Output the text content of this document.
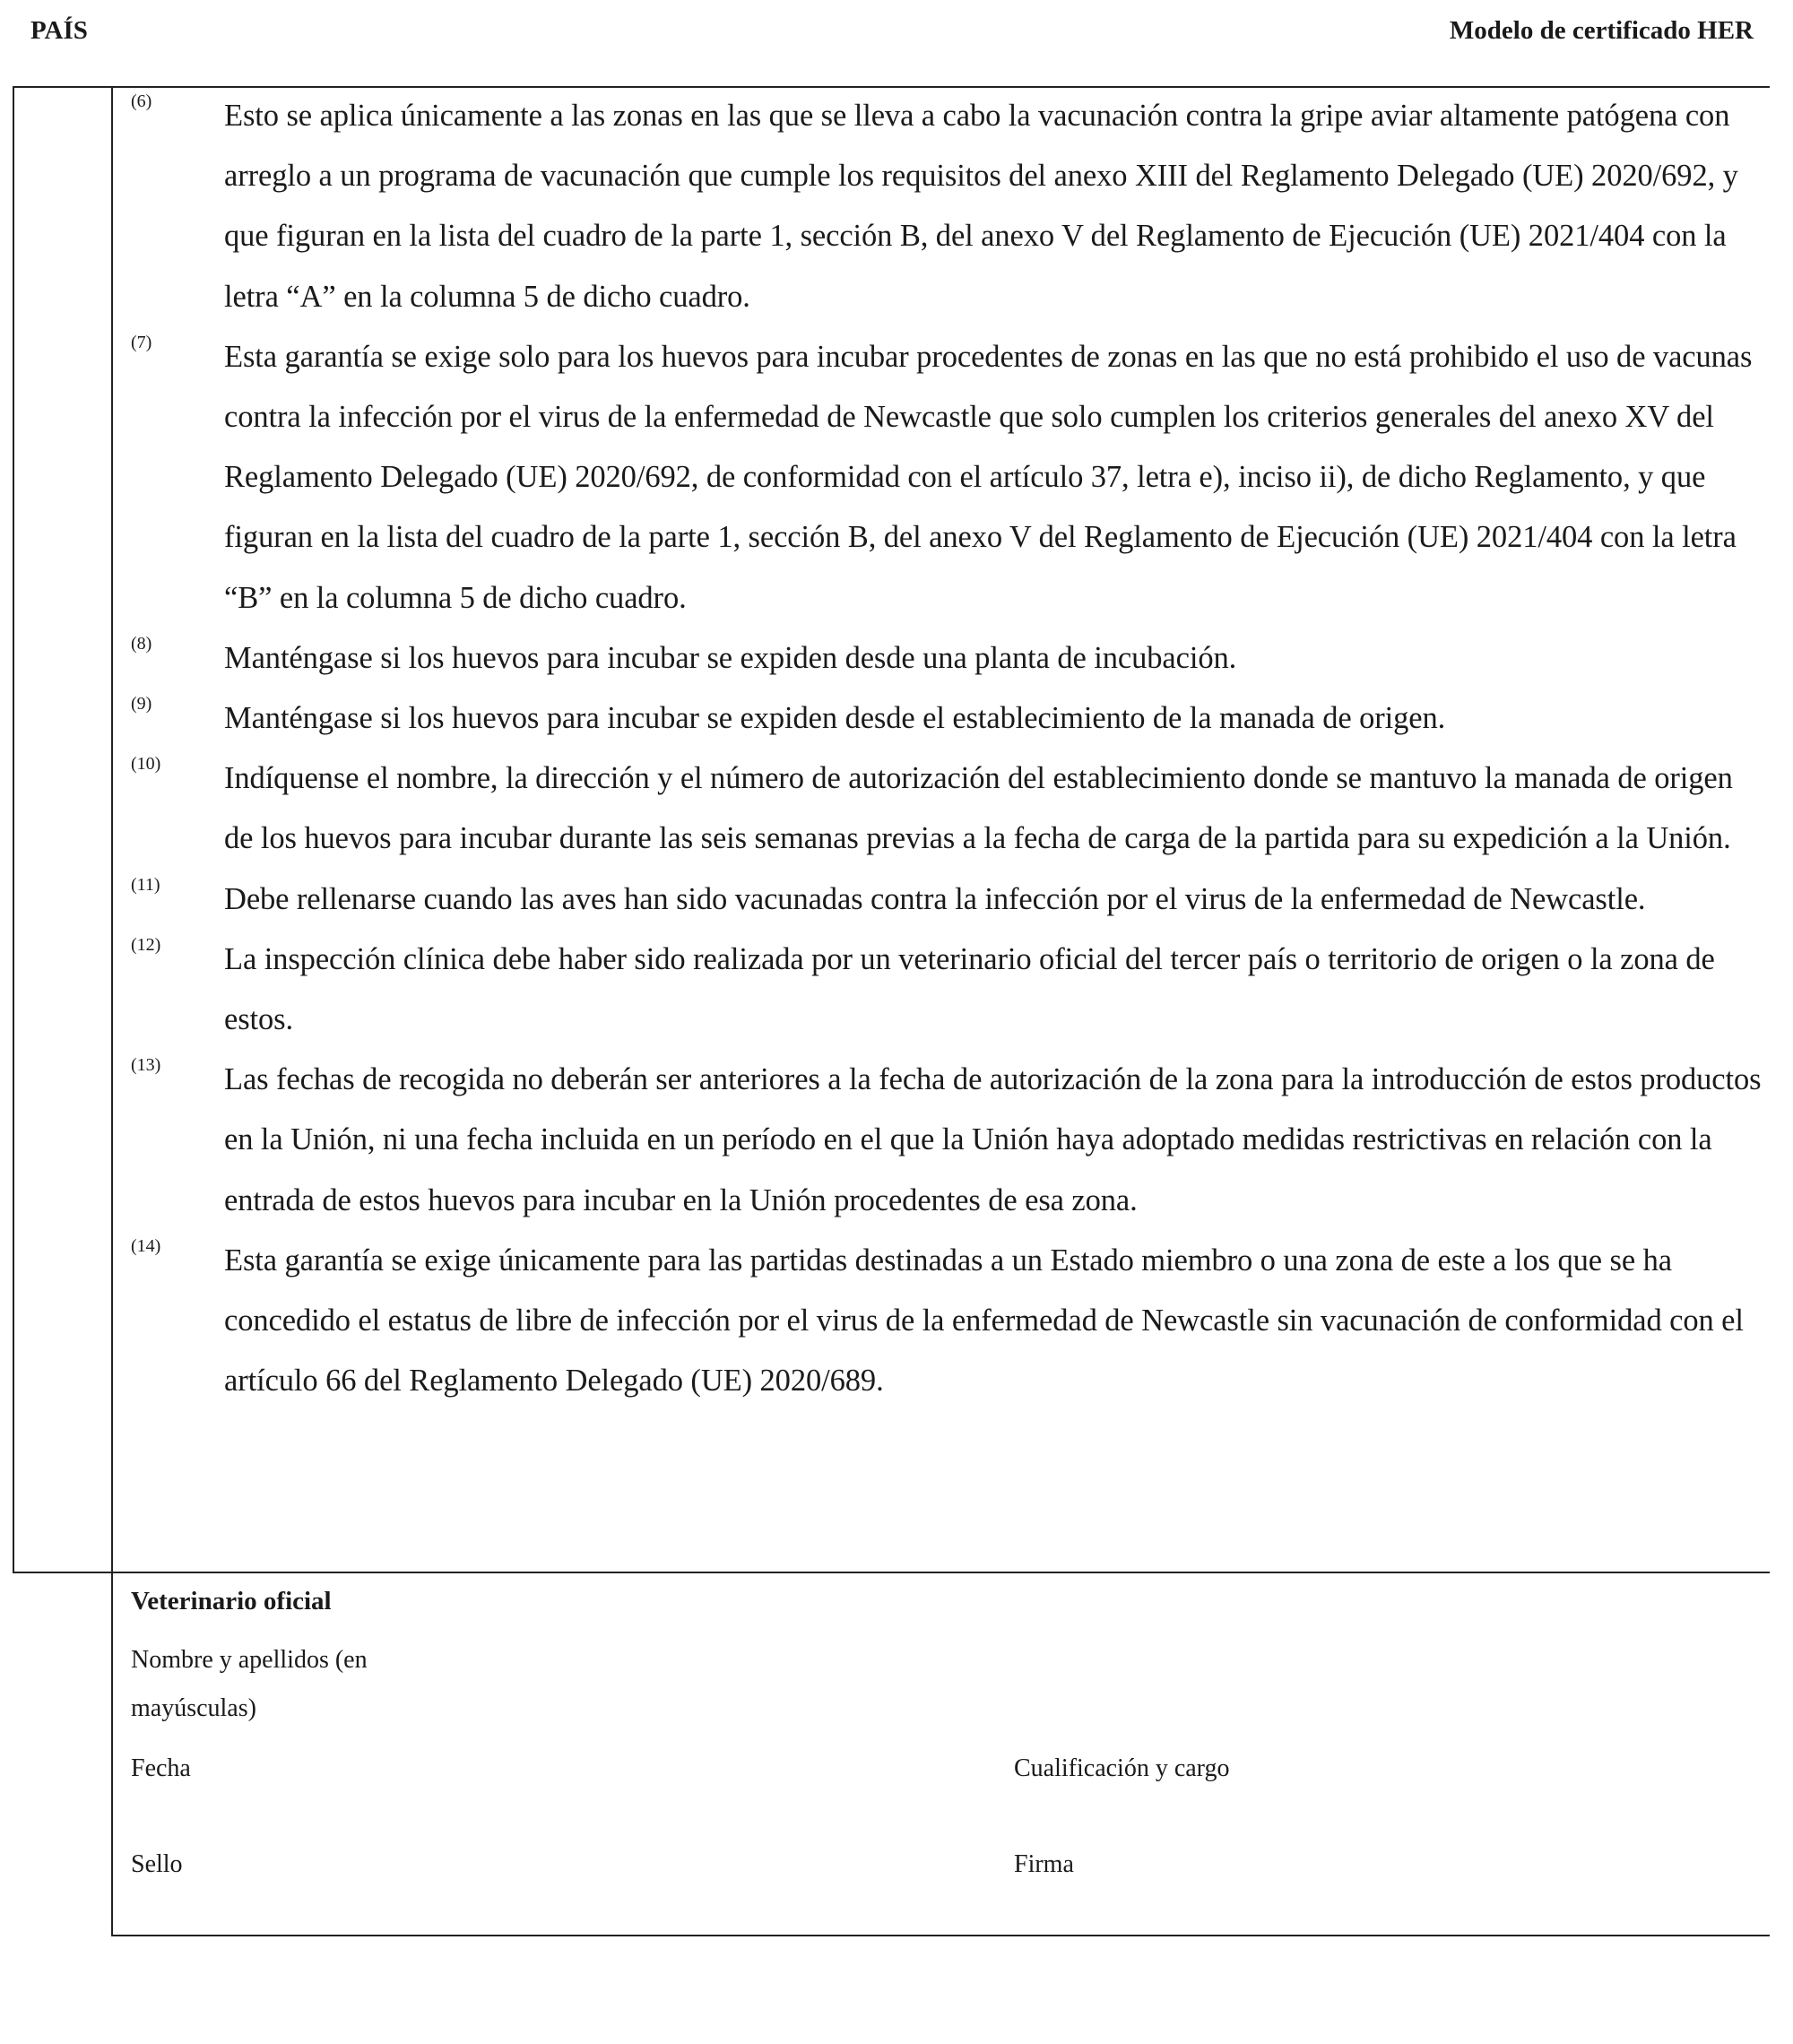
PAÍS	Modelo de certificado HER
(6)	Esto se aplica únicamente a las zonas en las que se lleva a cabo la vacunación contra la gripe aviar altamente patógena con arreglo a un programa de vacunación que cumple los requisitos del anexo XIII del Reglamento Delegado (UE) 2020/692, y que figuran en la lista del cuadro de la parte 1, sección B, del anexo V del Reglamento de Ejecución (UE) 2021/404 con la letra “A” en la columna 5 de dicho cuadro.
(7)	Esta garantía se exige solo para los huevos para incubar procedentes de zonas en las que no está prohibido el uso de vacunas contra la infección por el virus de la enfermedad de Newcastle que solo cumplen los criterios generales del anexo XV del Reglamento Delegado (UE) 2020/692, de conformidad con el artículo 37, letra e), inciso ii), de dicho Reglamento, y que figuran en la lista del cuadro de la parte 1, sección B, del anexo V del Reglamento de Ejecución (UE) 2021/404 con la letra “B” en la columna 5 de dicho cuadro.
(8)	Manténgase si los huevos para incubar se expiden desde una planta de incubación.
(9)	Manténgase si los huevos para incubar se expiden desde el establecimiento de la manada de origen.
(10)	Indíquense el nombre, la dirección y el número de autorización del establecimiento donde se mantuvo la manada de origen de los huevos para incubar durante las seis semanas previas a la fecha de carga de la partida para su expedición a la Unión.
(11)	Debe rellenarse cuando las aves han sido vacunadas contra la infección por el virus de la enfermedad de Newcastle.
(12)	La inspección clínica debe haber sido realizada por un veterinario oficial del tercer país o territorio de origen o la zona de estos.
(13)	Las fechas de recogida no deberán ser anteriores a la fecha de autorización de la zona para la introducción de estos productos en la Unión, ni una fecha incluida en un período en el que la Unión haya adoptado medidas restrictivas en relación con la entrada de estos huevos para incubar en la Unión procedentes de esa zona.
(14)	Esta garantía se exige únicamente para las partidas destinadas a un Estado miembro o una zona de este a los que se ha concedido el estatus de libre de infección por el virus de la enfermedad de Newcastle sin vacunación de conformidad con el artículo 66 del Reglamento Delegado (UE) 2020/689.
Veterinario oficial
Nombre y apellidos (en
mayúsculas)
Fecha	Cualificación y cargo
Sello	Firma
